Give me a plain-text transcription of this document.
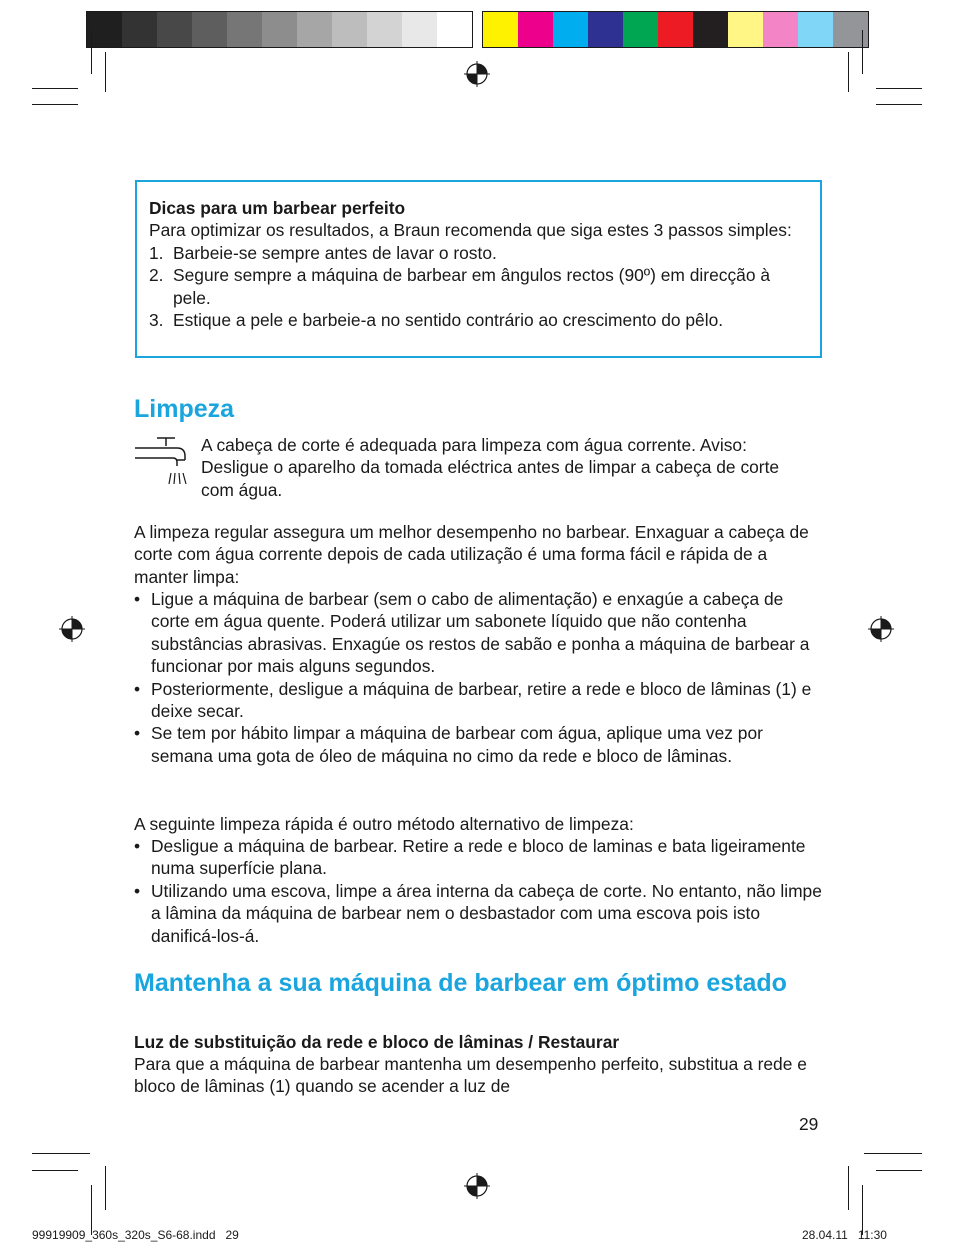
Dicas para um barbear perfeito
Para optimizar os resultados, a Braun recomenda que siga estes 3 passos simples:
1. Barbeie-se sempre antes de lavar o rosto.
2. Segure sempre a máquina de barbear em ângulos rectos (90º) em direcção à pele.
3. Estique a pele e barbeie-a no sentido contrário ao crescimento do pêlo.
Limpeza

A cabeça de corte é adequada para limpeza com água corrente. Aviso: Desligue o aparelho da tomada eléctrica antes de limpar a cabeça de corte com água.

A limpeza regular assegura um melhor desempenho no barbear. Enxaguar a cabeça de corte com água corrente depois de cada utilização é uma forma fácil e rápida de a manter limpa:

• Ligue a máquina de barbear (sem o cabo de alimentação) e enxagúe a cabeça de corte em água quente. Poderá utilizar um sabonete líquido que não contenha substâncias abrasivas. Enxagúe os restos de sabão e ponha a máquina de barbear a funcionar por mais alguns segundos.
• Posteriormente, desligue a máquina de barbear, retire a rede e bloco de lâminas (1) e deixe secar.
• Se tem por hábito limpar a máquina de barbear com água, aplique uma vez por semana uma gota de óleo de máquina no cimo da rede e bloco de lâminas.

A seguinte limpeza rápida é outro método alternativo de limpeza:

• Desligue a máquina de barbear. Retire a rede e bloco de laminas e bata ligeiramente numa superfície plana.
• Utilizando uma escova, limpe a área interna da cabeça de corte. No entanto, não limpe a lâmina da máquina de barbear nem o desbastador com uma escova pois isto danificá-los-á.
Mantenha a sua máquina de barbear em óptimo estado

Luz de substituição da rede e bloco de lâminas / Restaurar

Para que a máquina de barbear mantenha um desempenho perfeito, substitua a rede e bloco de lâminas (1) quando se acender a luz de

29
99919909_360s_320s_S6-68.indd   29	28.04.11   11:30
